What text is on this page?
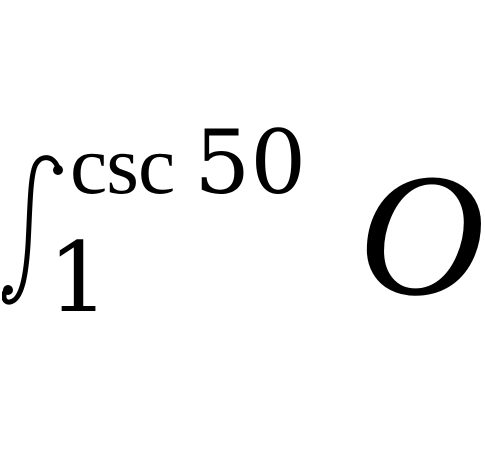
csc 50
1 O
